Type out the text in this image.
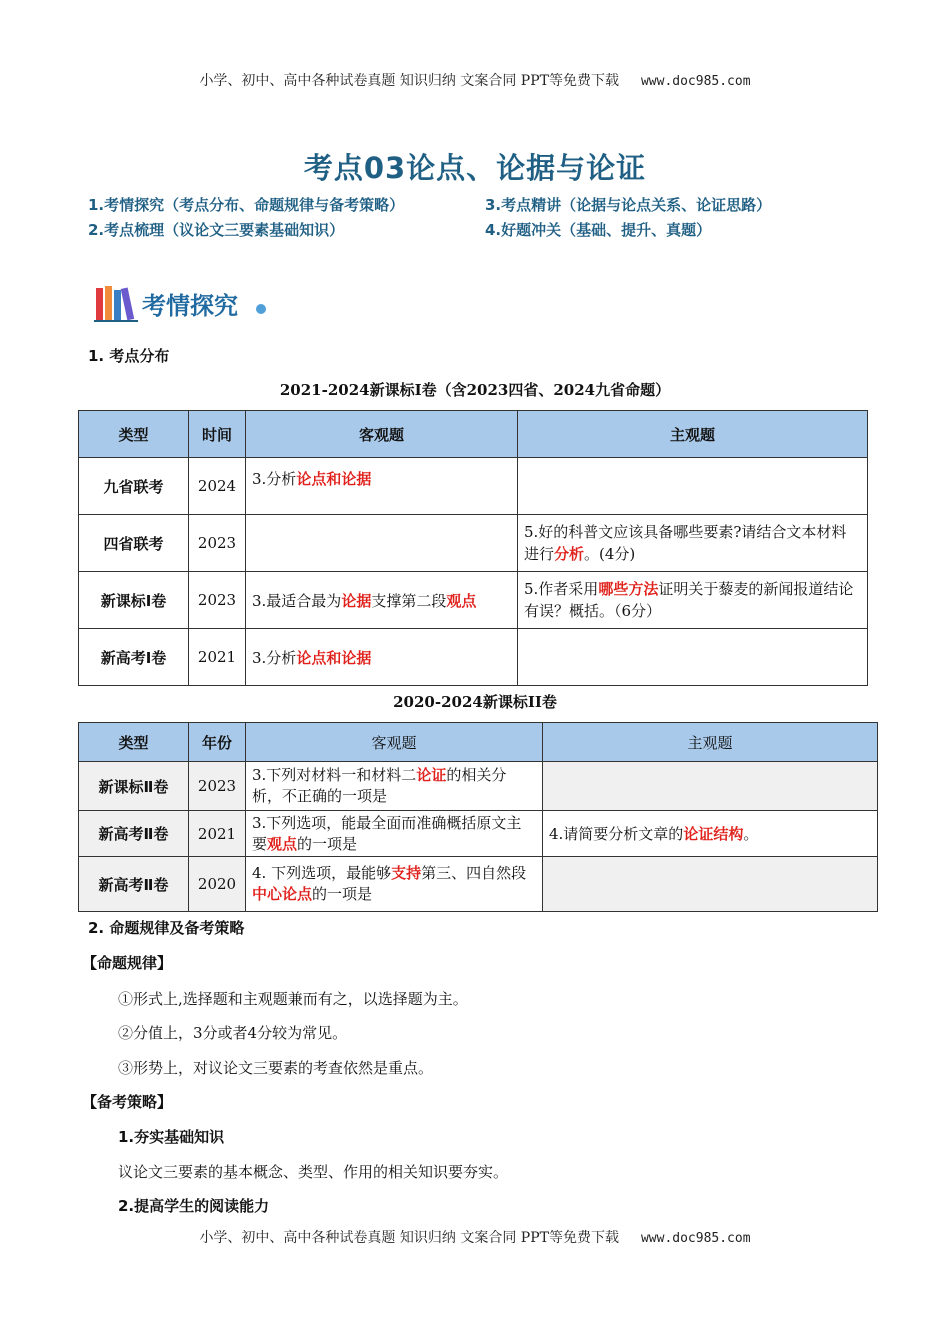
小学、初中、高中各种试卷真题 知识归纳 文案合同 PPT等免费下载 www.doc985.com
考点03论点、论据与论证
1.考情探究（考点分布、命题规律与备考策略）	3.考点精讲（论据与论点关系、论证思路）
2.考点梳理（议论文三要素基础知识）	4.好题冲关（基础、提升、真题）
考情探究
1. 考点分布
2021-2024新课标Ⅰ卷（含2023四省、2024九省命题）
类型	时间	客观题	主观题
九省联考	2024	3.分析论点和论据	
四省联考	2023		5.好的科普文应该具备哪些要素?请结合文本材料进行分析。(4分)
新课标Ⅰ卷	2023	3.最适合最为论据支撑第二段观点	5.作者采用哪些方法证明关于藜麦的新闻报道结论有误？概括。（6分）
新高考Ⅰ卷	2021	3.分析论点和论据	
2020-2024新课标II卷
类型	年份	客观题	主观题
新课标Ⅱ卷	2023	3.下列对材料一和材料二论证的相关分析，不正确的一项是	
新高考Ⅱ卷	2021	3.下列选项，能最全面而准确概括原文主要观点的一项是	4.请简要分析文章的论证结构。
新高考Ⅱ卷	2020	4. 下列选项，最能够支持第三、四自然段中心论点的一项是	
2. 命题规律及备考策略
【命题规律】
①形式上,选择题和主观题兼而有之，以选择题为主。
②分值上，3分或者4分较为常见。
③形势上，对议论文三要素的考查依然是重点。
【备考策略】
1.夯实基础知识
议论文三要素的基本概念、类型、作用的相关知识要夯实。
2.提高学生的阅读能力
小学、初中、高中各种试卷真题 知识归纳 文案合同 PPT等免费下载 www.doc985.com
